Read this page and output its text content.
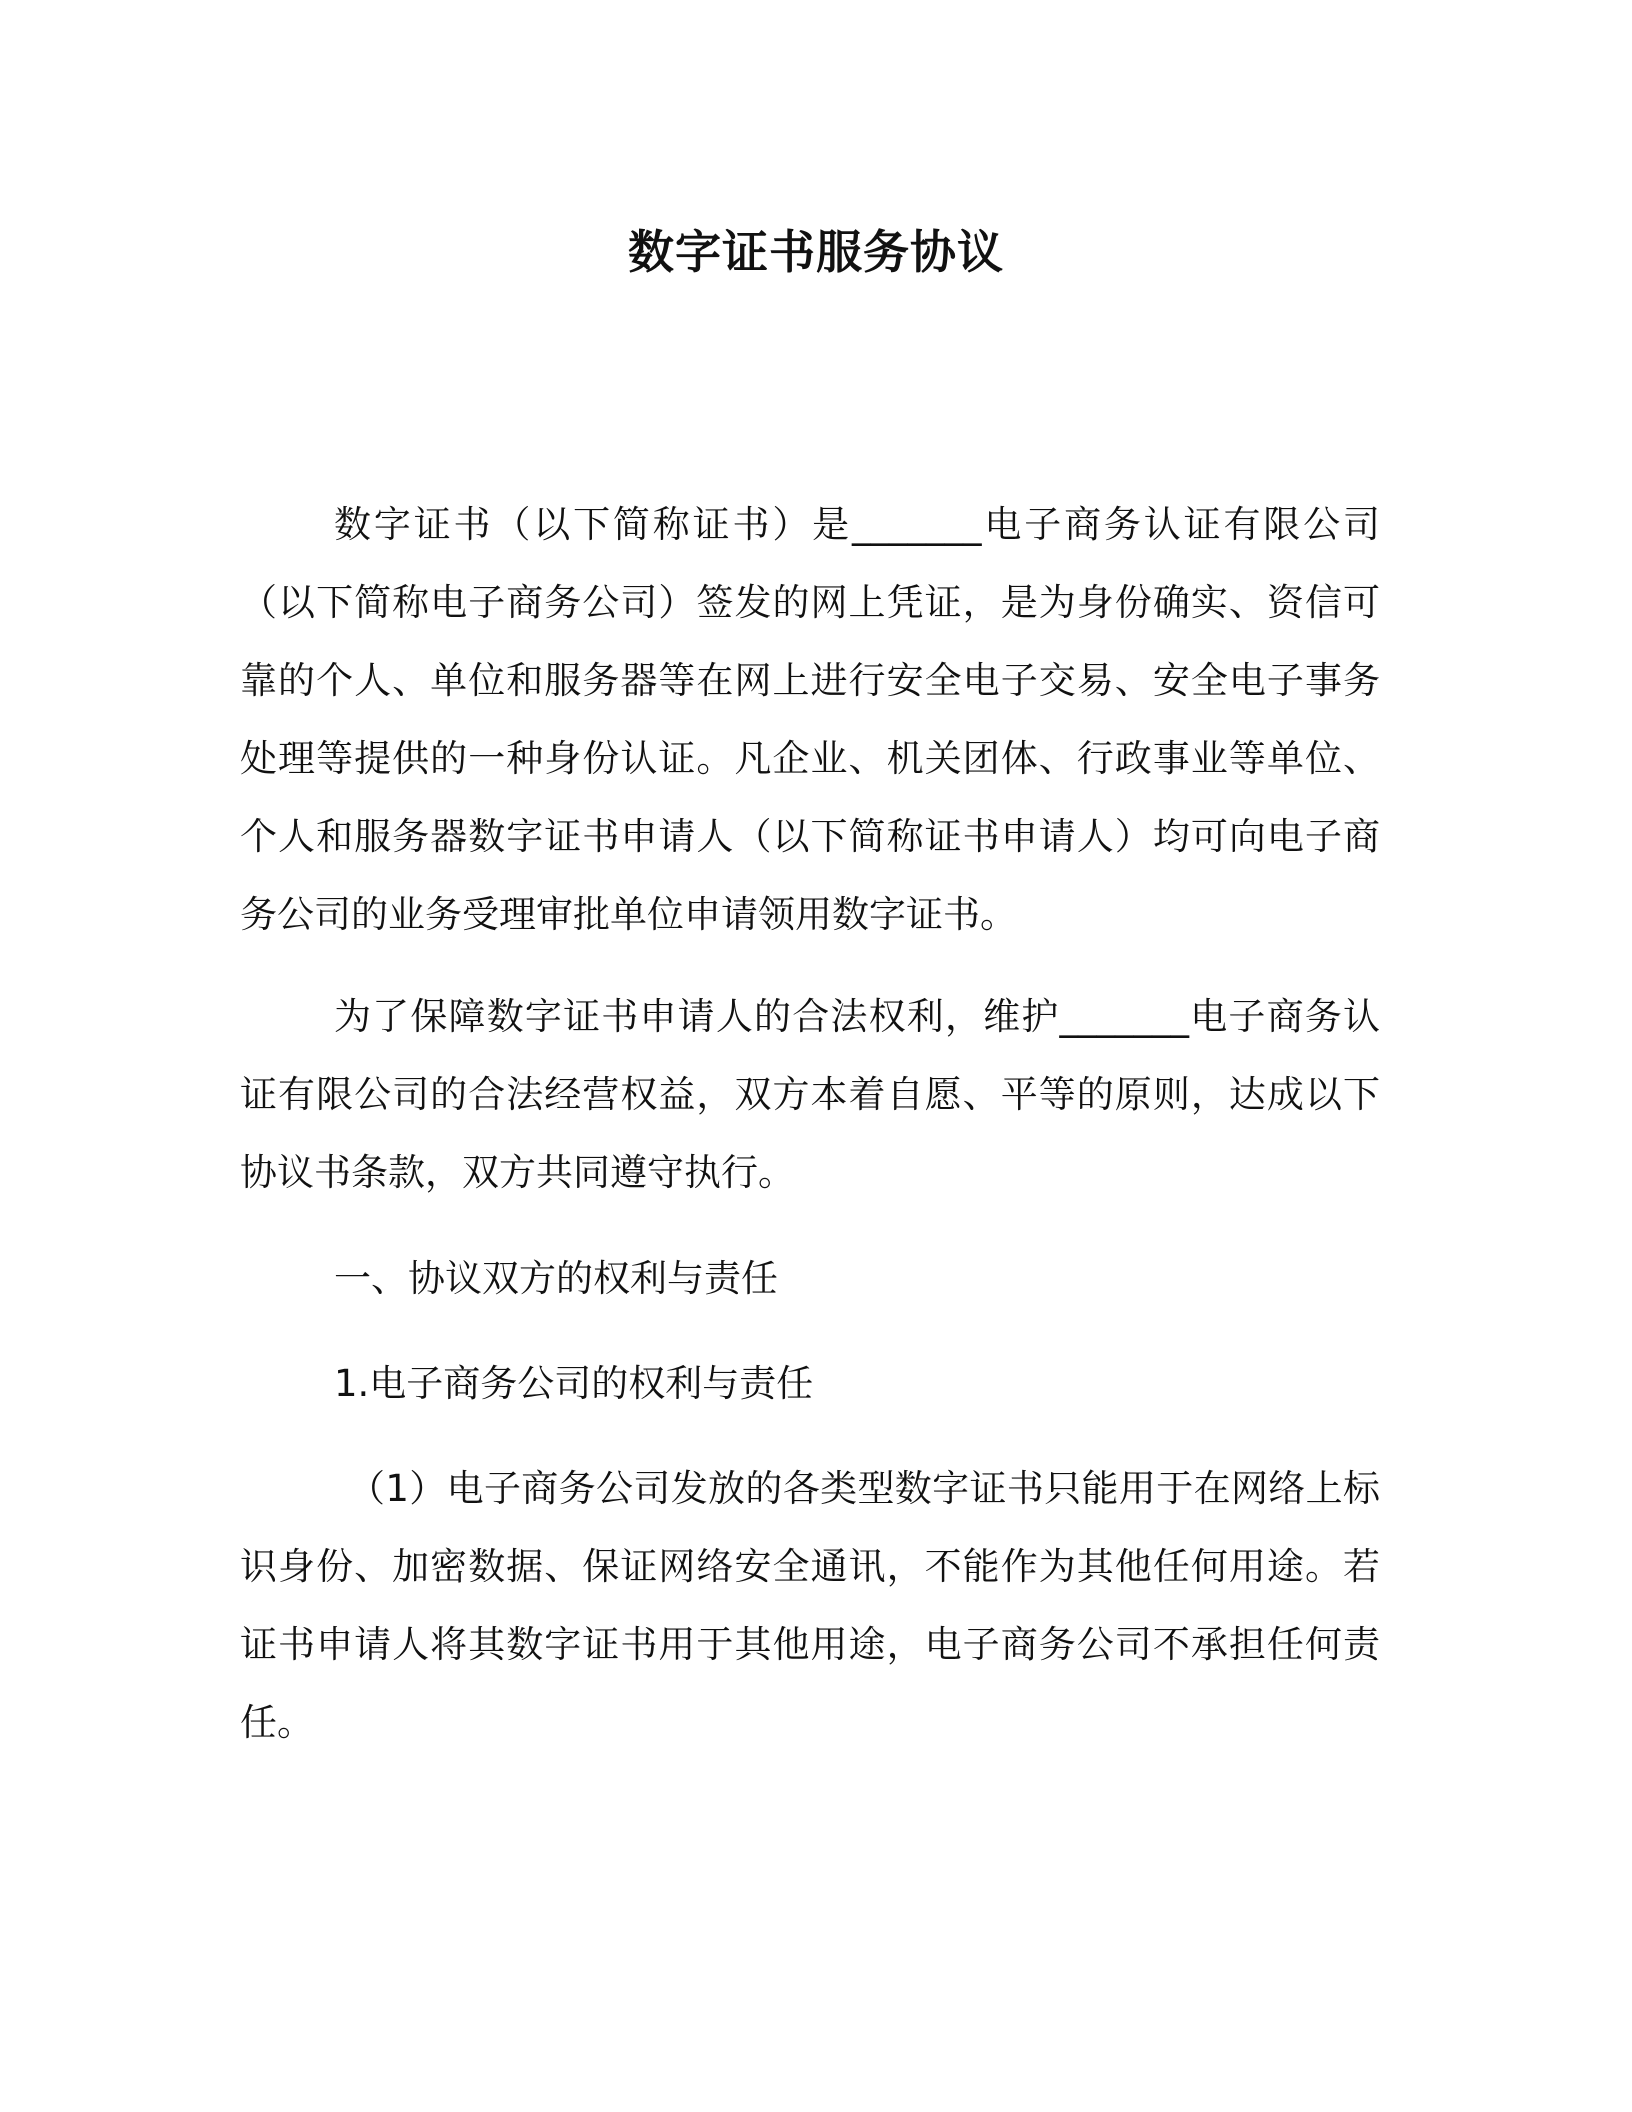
数字证书服务协议
数字证书（以下简称证书）是_______电子商务认证有限公司（以下简称电子商务公司）签发的网上凭证，是为身份确实、资信可靠的个人、单位和服务器等在网上进行安全电子交易、安全电子事务处理等提供的一种身份认证。凡企业、机关团体、行政事业等单位、个人和服务器数字证书申请人（以下简称证书申请人）均可向电子商务公司的业务受理审批单位申请领用数字证书。
为了保障数字证书申请人的合法权利，维护_______电子商务认证有限公司的合法经营权益，双方本着自愿、平等的原则，达成以下协议书条款，双方共同遵守执行。
一、协议双方的权利与责任
1.电子商务公司的权利与责任
（1）电子商务公司发放的各类型数字证书只能用于在网络上标识身份、加密数据、保证网络安全通讯，不能作为其他任何用途。若证书申请人将其数字证书用于其他用途，电子商务公司不承担任何责任。
